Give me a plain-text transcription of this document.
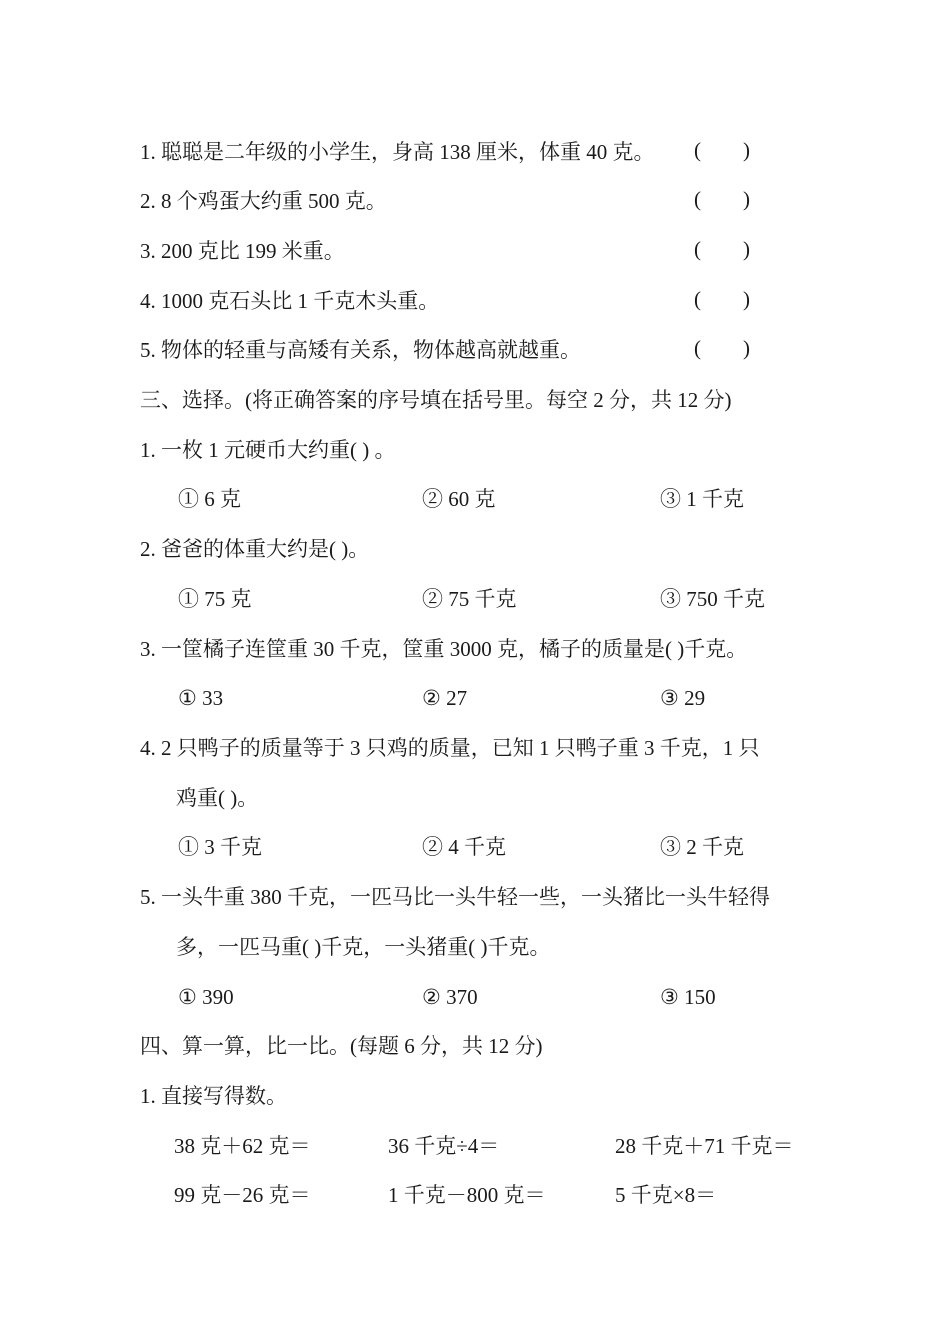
1. 聪聪是二年级的小学生，身高 138 厘米，体重 40 克。 (        )
2. 8 个鸡蛋大约重 500 克。	(        )
3. 200 克比 199 米重。	(        )
4. 1000 克石头比 1 千克木头重。	(        )
5. 物体的轻重与高矮有关系，物体越高就越重。	(        )
三、选择。(将正确答案的序号填在括号里。每空 2 分，共 12 分)
1. 一枚 1 元硬币大约重( ) 。
① 6 克	② 60 克	③ 1 千克
2. 爸爸的体重大约是( )。
① 75 克	② 75 千克	③ 750 千克
3. 一筐橘子连筐重 30 千克，筐重 3000 克，橘子的质量是( )千克。
① 33	② 27	③ 29
4. 2 只鸭子的质量等于 3 只鸡的质量，已知 1 只鸭子重 3 千克，1 只
鸡重( )。
① 3 千克	② 4 千克	③ 2 千克
5. 一头牛重 380 千克，一匹马比一头牛轻一些，一头猪比一头牛轻得
多，一匹马重( )千克，一头猪重( )千克。
① 390	② 370	③ 150
四、算一算，比一比。(每题 6 分，共 12 分)
1. 直接写得数。
38 克＋62 克＝	36 千克÷4＝	28 千克＋71 千克＝
99 克－26 克＝	1 千克－800 克＝	5 千克×8＝
